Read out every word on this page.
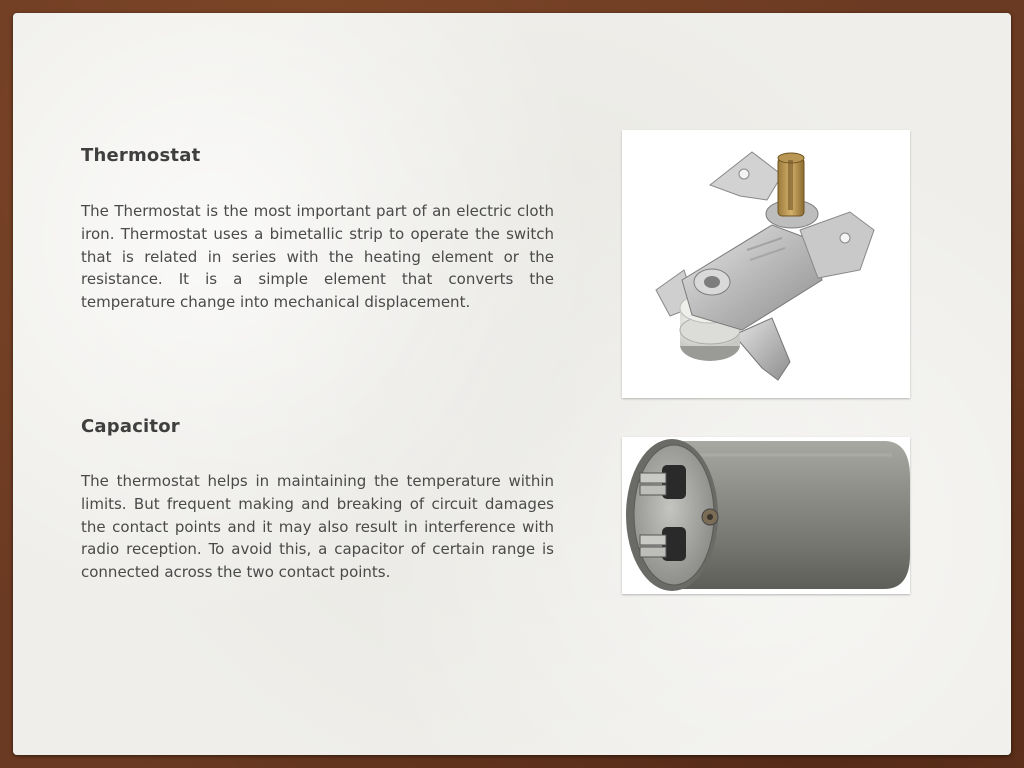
Thermostat

The Thermostat is the most important part of an electric cloth iron. Thermostat uses a bimetallic strip to operate the switch that is related in series with the heating element or the resistance. It is a simple element that converts the temperature change into mechanical displacement.

Capacitor

The thermostat helps in maintaining the temperature within limits. But frequent making and breaking of circuit damages the contact points and it may also result in interference with radio reception. To avoid this, a capacitor of certain range is connected across the two contact points.
